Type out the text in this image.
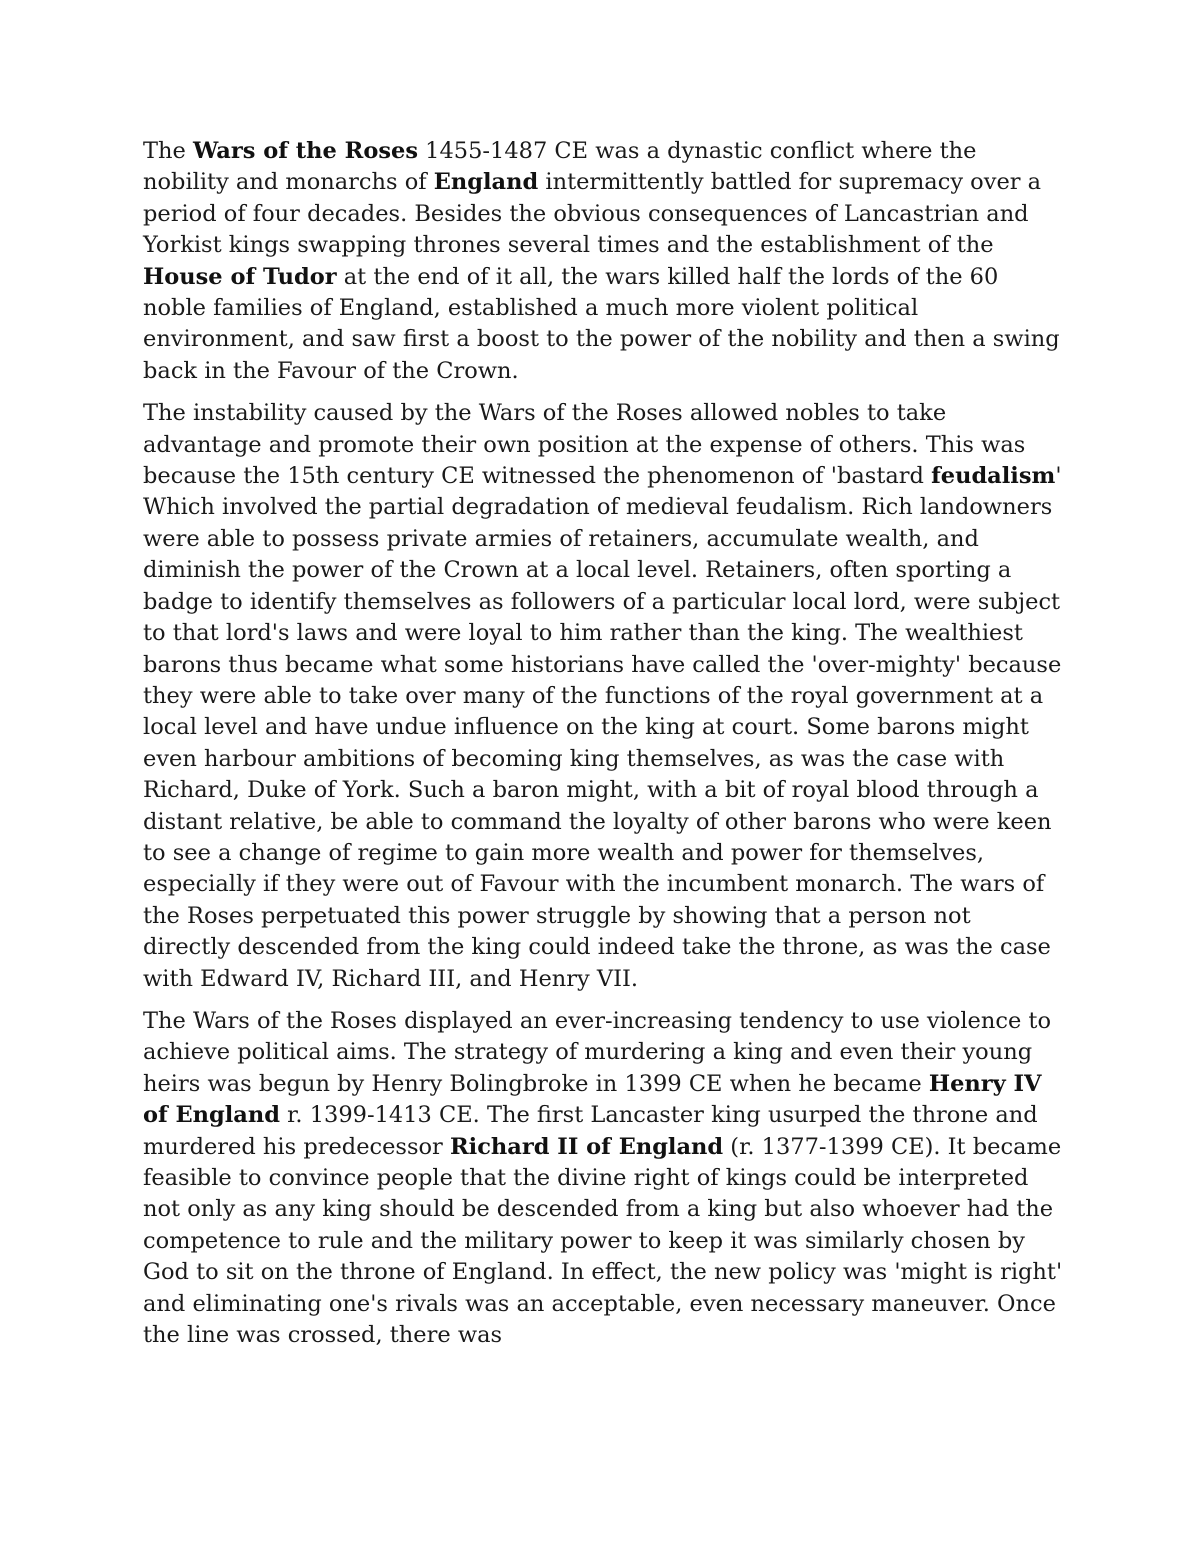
The Wars of the Roses 1455-1487 CE was a dynastic conflict where the nobility and monarchs of England intermittently battled for supremacy over a period of four decades. Besides the obvious consequences of Lancastrian and Yorkist kings swapping thrones several times and the establishment of the House of Tudor at the end of it all, the wars killed half the lords of the 60 noble families of England, established a much more violent political environment, and saw first a boost to the power of the nobility and then a swing back in the Favour of the Crown.

The instability caused by the Wars of the Roses allowed nobles to take advantage and promote their own position at the expense of others. This was because the 15th century CE witnessed the phenomenon of 'bastard feudalism' Which involved the partial degradation of medieval feudalism. Rich landowners were able to possess private armies of retainers, accumulate wealth, and diminish the power of the Crown at a local level. Retainers, often sporting a badge to identify themselves as followers of a particular local lord, were subject to that lord's laws and were loyal to him rather than the king. The wealthiest barons thus became what some historians have called the 'over-mighty' because they were able to take over many of the functions of the royal government at a local level and have undue influence on the king at court. Some barons might even harbour ambitions of becoming king themselves, as was the case with Richard, Duke of York. Such a baron might, with a bit of royal blood through a distant relative, be able to command the loyalty of other barons who were keen to see a change of regime to gain more wealth and power for themselves, especially if they were out of Favour with the incumbent monarch. The wars of the Roses perpetuated this power struggle by showing that a person not directly descended from the king could indeed take the throne, as was the case with Edward IV, Richard III, and Henry VII.

The Wars of the Roses displayed an ever-increasing tendency to use violence to achieve political aims. The strategy of murdering a king and even their young heirs was begun by Henry Bolingbroke in 1399 CE when he became Henry IV of England r. 1399-1413 CE. The first Lancaster king usurped the throne and murdered his predecessor Richard II of England (r. 1377-1399 CE). It became feasible to convince people that the divine right of kings could be interpreted not only as any king should be descended from a king but also whoever had the competence to rule and the military power to keep it was similarly chosen by God to sit on the throne of England. In effect, the new policy was 'might is right' and eliminating one's rivals was an acceptable, even necessary maneuver. Once the line was crossed, there was
